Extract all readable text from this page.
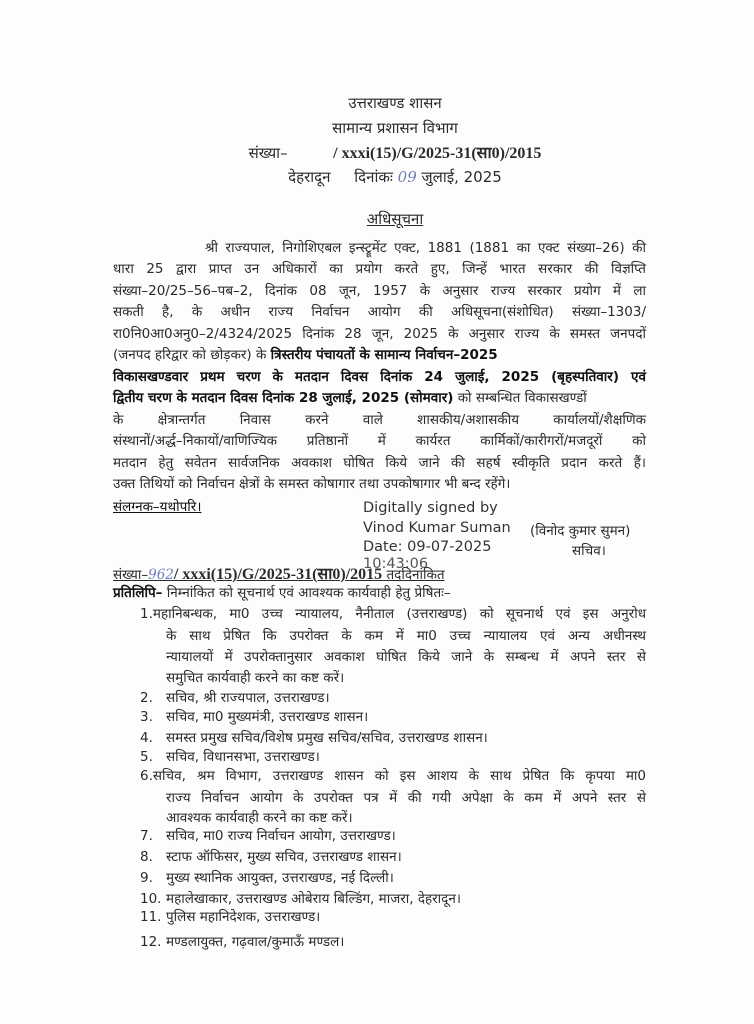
उत्तराखण्ड शासन
सामान्य प्रशासन विभाग
संख्या–	/ xxxi(15)/G/2025-31(सा0)/2015
देहरादून दिनांकः 09 जुलाई, 2025
अधिसूचना
श्री राज्यपाल, निगोशिएबल इन्स्ट्रूमेंट एक्ट, 1881 (1881 का एक्ट संख्या–26) की
धारा 25 द्वारा प्राप्त उन अधिकारों का प्रयोग करते हुए, जिन्हें भारत सरकार की विज्ञप्ति
संख्या–20/25–56–पब–2, दिनांक 08 जून, 1957 के अनुसार राज्य सरकार प्रयोग में ला
सकती है, के अधीन राज्य निर्वाचन आयोग की अधिसूचना(संशोधित) संख्या–1303/
रा0नि0आ0अनु0–2/4324/2025 दिनांक 28 जून, 2025 के अनुसार राज्य के समस्त जनपदों
(जनपद हरिद्वार को छोड़कर) के त्रिस्तरीय पंचायतों के सामान्य निर्वाचन–2025
विकासखण्डवार प्रथम चरण के मतदान दिवस दिनांक 24 जुलाई, 2025 (बृहस्पतिवार) एवं
द्वितीय चरण के मतदान दिवस दिनांक 28 जुलाई, 2025 (सोमवार) को सम्बन्धित विकासखण्डों
के क्षेत्रान्तर्गत निवास करने वाले शासकीय/अशासकीय कार्यालयों/शैक्षणिक
संस्थानों/अर्द्ध–निकायों/वाणिज्यिक प्रतिष्ठानों में कार्यरत कार्मिकों/कारीगरों/मजदूरों को
मतदान हेतु सवेतन सार्वजनिक अवकाश घोषित किये जाने की सहर्ष स्वीकृति प्रदान करते हैं।
उक्त तिथियों को निर्वाचन क्षेत्रों के समस्त कोषागार तथा उपकोषागार भी बन्द रहेंगे।
संलग्नक–यथोपरि।	Digitally signed by
Vinod Kumar Suman (विनोद कुमार सुमन)
Date: 09-07-2025	सचिव।
10:43:06
संख्या–962/ xxxi(15)/G/2025-31(सा0)/2015 तददिनांकित
प्रतिलिपि– निम्नांकित को सूचनार्थ एवं आवश्यक कार्यवाही हेतु प्रेषितः–
1.महानिबन्धक, मा0 उच्च न्यायालय, नैनीताल (उत्तराखण्ड) को सूचनार्थ एवं इस अनुरोध
के साथ प्रेषित कि उपरोक्त के कम में मा0 उच्च न्यायालय एवं अन्य अधीनस्थ
न्यायालयों में उपरोक्तानुसार अवकाश घोषित किये जाने के सम्बन्ध में अपने स्तर से
समुचित कार्यवाही करने का कष्ट करें।
2. सचिव, श्री राज्यपाल, उत्तराखण्ड।
3. सचिव, मा0 मुख्यमंत्री, उत्तराखण्ड शासन।
4. समस्त प्रमुख सचिव/विशेष प्रमुख सचिव/सचिव, उत्तराखण्ड शासन।
5. सचिव, विधानसभा, उत्तराखण्ड।
6.सचिव, श्रम विभाग, उत्तराखण्ड शासन को इस आशय के साथ प्रेषित कि कृपया मा0
राज्य निर्वाचन आयोग के उपरोक्त पत्र में की गयी अपेक्षा के कम में अपने स्तर से
आवश्यक कार्यवाही करने का कष्ट करें।
7. सचिव, मा0 राज्य निर्वाचन आयोग, उत्तराखण्ड।
8. स्टाफ ऑफिसर, मुख्य सचिव, उत्तराखण्ड शासन।
9. मुख्य स्थानिक आयुक्त, उत्तराखण्ड, नई दिल्ली।
10. महालेखाकार, उत्तराखण्ड ओबेराय बिल्डिंग, माजरा, देहरादून।
11. पुलिस महानिदेशक, उत्तराखण्ड।
12. मण्डलायुक्त, गढ़वाल/कुमाऊँ मण्डल।
